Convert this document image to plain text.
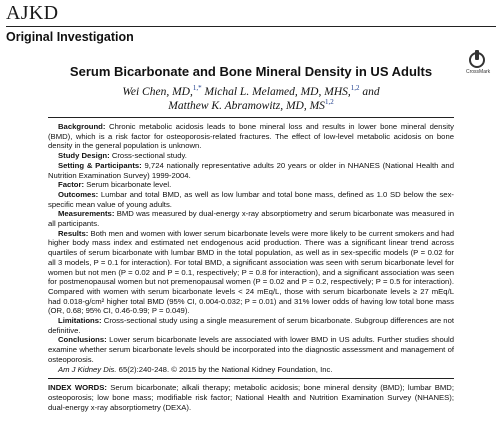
AJKD
Original Investigation
CrossMark
Serum Bicarbonate and Bone Mineral Density in US Adults
Wei Chen, MD,$^{1,*}$ Michal L. Melamed, MD, MHS,$^{1,2}$ and
Matthew K. Abramowitz, MD, MS$^{1,2}$

Background: Chronic metabolic acidosis leads to bone mineral loss and results in lower bone mineral density (BMD), which is a risk factor for osteoporosis-related fractures. The effect of low-level metabolic acidosis on bone density in the general population is unknown.

Study Design: Cross-sectional study.

Setting & Participants: 9,724 nationally representative adults 20 years or older in NHANES (National Health and Nutrition Examination Survey) 1999-2004.

Factor: Serum bicarbonate level.

Outcomes: Lumbar and total BMD, as well as low lumbar and total bone mass, defined as 1.0 SD below the sex-specific mean value of young adults.

Measurements: BMD was measured by dual-energy x-ray absorptiometry and serum bicarbonate was measured in all participants.

Results: Both men and women with lower serum bicarbonate levels were more likely to be current smokers and had higher body mass index and estimated net endogenous acid production. There was a significant linear trend across quartiles of serum bicarbonate with lumbar BMD in the total population, as well as in sex-specific models (P = 0.02 for all 3 models, P = 0.1 for interaction). For total BMD, a significant association was seen with serum bicarbonate level for women but not men (P = 0.02 and P = 0.1, respectively; P = 0.8 for interaction), and a significant association was seen for postmenopausal women but not premenopausal women (P = 0.02 and P = 0.2, respectively; P = 0.5 for interaction). Compared with women with serum bicarbonate levels < 24 mEq/L, those with serum bicarbonate levels ≥ 27 mEq/L had 0.018-g/cm² higher total BMD (95% CI, 0.004-0.032; P = 0.01) and 31% lower odds of having low total bone mass (OR, 0.68; 95% CI, 0.46-0.99; P = 0.049).

Limitations: Cross-sectional study using a single measurement of serum bicarbonate. Subgroup differences are not definitive.

Conclusions: Lower serum bicarbonate levels are associated with lower BMD in US adults. Further studies should examine whether serum bicarbonate levels should be incorporated into the diagnostic assessment and management of osteoporosis.

Am J Kidney Dis. 65(2):240-248. © 2015 by the National Kidney Foundation, Inc.

INDEX WORDS: Serum bicarbonate; alkali therapy; metabolic acidosis; bone mineral density (BMD); lumbar BMD; osteoporosis; low bone mass; modifiable risk factor; National Health and Nutrition Examination Survey (NHANES); dual-energy x-ray absorptiometry (DEXA).
